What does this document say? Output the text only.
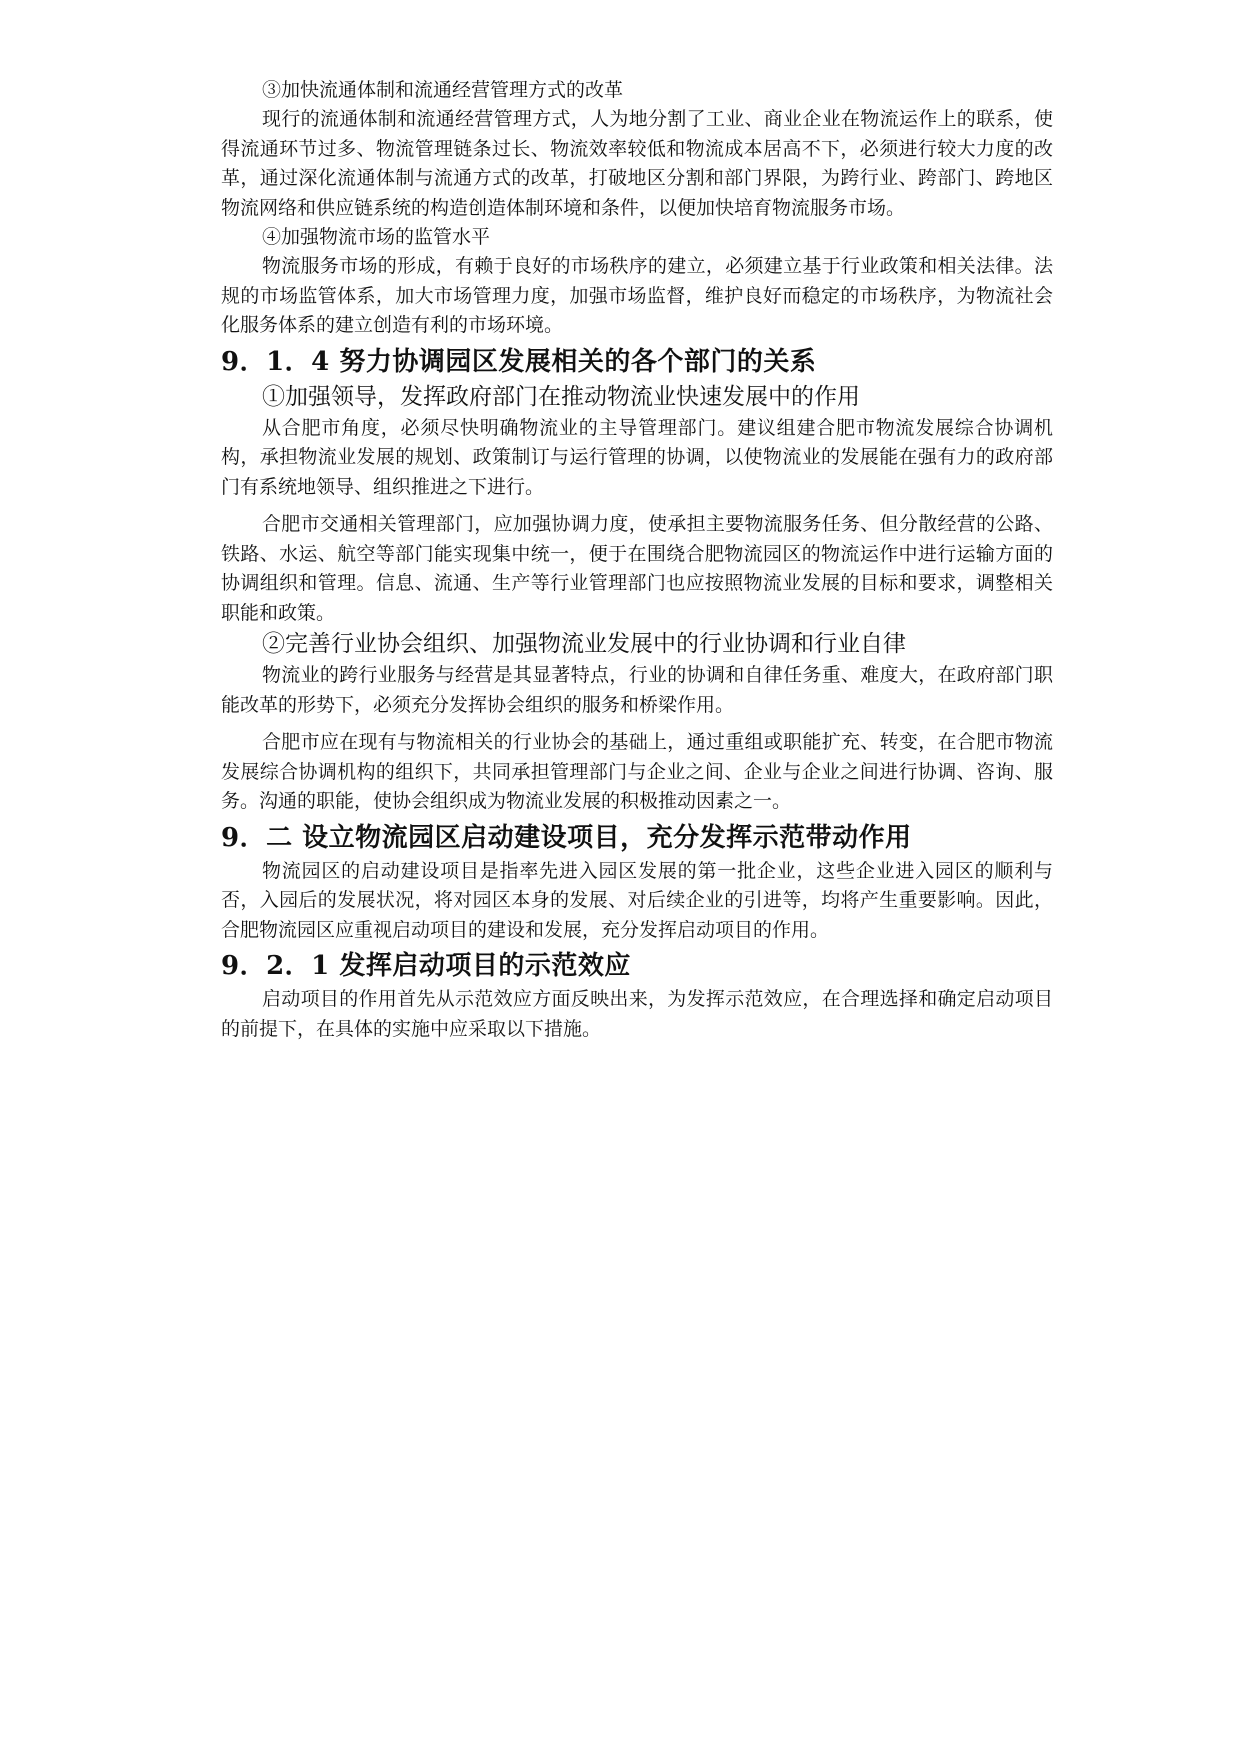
③加快流通体制和流通经营管理方式的改革

现行的流通体制和流通经营管理方式，人为地分割了工业、商业企业在物流运作上的联系，使得流通环节过多、物流管理链条过长、物流效率较低和物流成本居高不下，必须进行较大力度的改革，通过深化流通体制与流通方式的改革，打破地区分割和部门界限，为跨行业、跨部门、跨地区物流网络和供应链系统的构造创造体制环境和条件，以便加快培育物流服务市场。

④加强物流市场的监管水平

物流服务市场的形成，有赖于良好的市场秩序的建立，必须建立基于行业政策和相关法律。法规的市场监管体系，加大市场管理力度，加强市场监督，维护良好而稳定的市场秩序，为物流社会化服务体系的建立创造有利的市场环境。

9．1．4 努力协调园区发展相关的各个部门的关系

①加强领导，发挥政府部门在推动物流业快速发展中的作用

从合肥市角度，必须尽快明确物流业的主导管理部门。建议组建合肥市物流发展综合协调机构，承担物流业发展的规划、政策制订与运行管理的协调，以使物流业的发展能在强有力的政府部门有系统地领导、组织推进之下进行。

合肥市交通相关管理部门，应加强协调力度，使承担主要物流服务任务、但分散经营的公路、铁路、水运、航空等部门能实现集中统一，便于在围绕合肥物流园区的物流运作中进行运输方面的协调组织和管理。信息、流通、生产等行业管理部门也应按照物流业发展的目标和要求，调整相关职能和政策。

②完善行业协会组织、加强物流业发展中的行业协调和行业自律

物流业的跨行业服务与经营是其显著特点，行业的协调和自律任务重、难度大，在政府部门职能改革的形势下，必须充分发挥协会组织的服务和桥梁作用。

合肥市应在现有与物流相关的行业协会的基础上，通过重组或职能扩充、转变，在合肥市物流发展综合协调机构的组织下，共同承担管理部门与企业之间、企业与企业之间进行协调、咨询、服务。沟通的职能，使协会组织成为物流业发展的积极推动因素之一。

9．二 设立物流园区启动建设项目，充分发挥示范带动作用

物流园区的启动建设项目是指率先进入园区发展的第一批企业，这些企业进入园区的顺利与否，入园后的发展状况，将对园区本身的发展、对后续企业的引进等，均将产生重要影响。因此，合肥物流园区应重视启动项目的建设和发展，充分发挥启动项目的作用。

9．2．1 发挥启动项目的示范效应

启动项目的作用首先从示范效应方面反映出来，为发挥示范效应，在合理选择和确定启动项目的前提下，在具体的实施中应采取以下措施。
